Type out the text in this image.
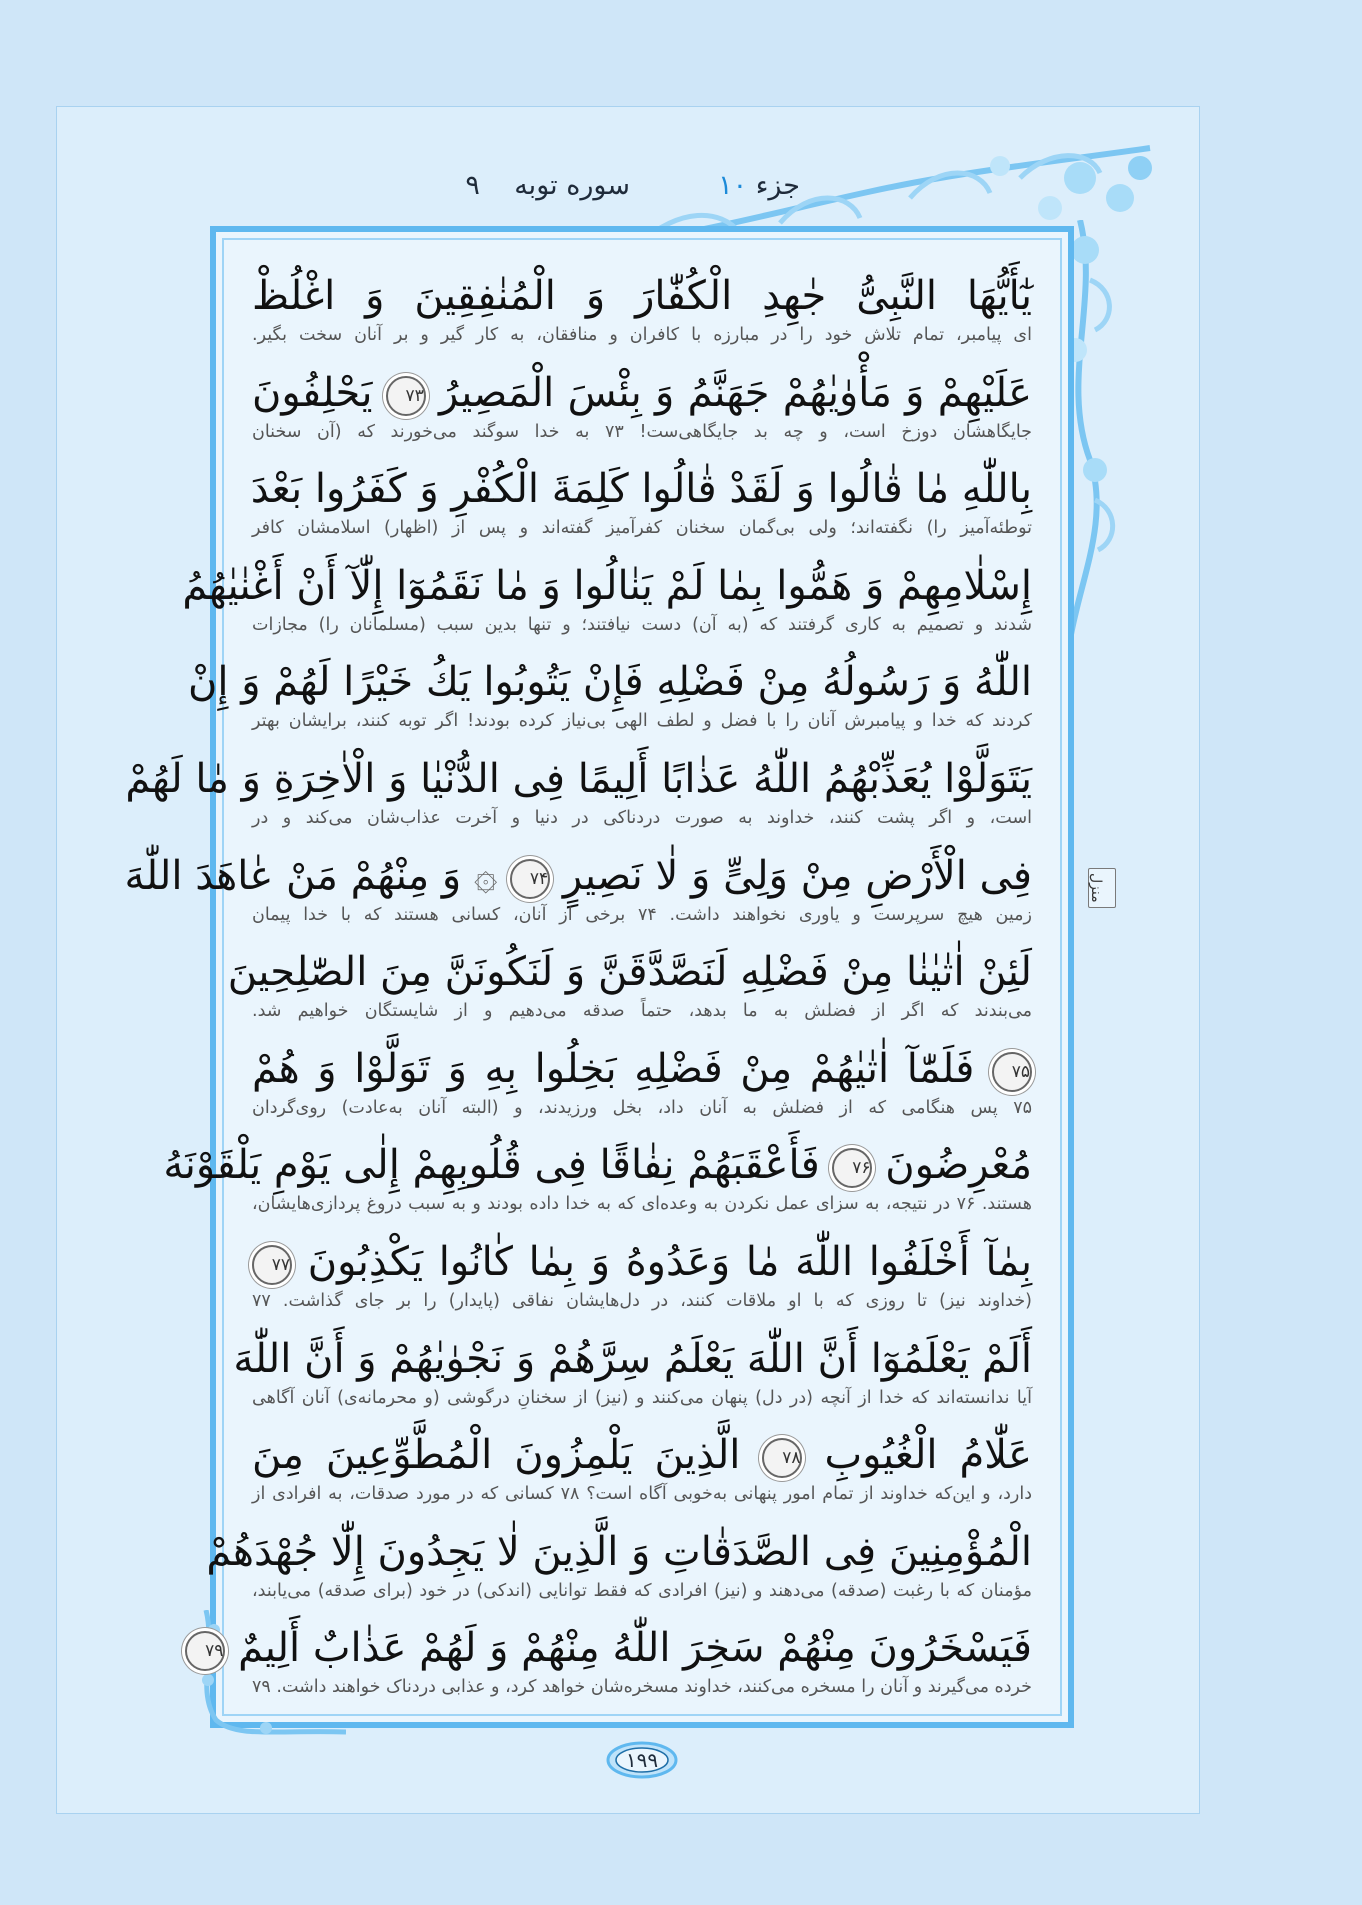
جزء ۱۰
سوره توبه    ۹
منزل
يٰٓأَيُّهَا النَّبِىُّ جٰهِدِ الْكُفّٰارَ وَ الْمُنٰفِقِينَ وَ اغْلُظْ
ای پیامبر، تمام تلاش خود را در مبارزه با کافران و منافقان، به کار گیر و بر آنان سخت بگیر.
عَلَيْهِمْ وَ مَأْوٰيٰهُمْ جَهَنَّمُ وَ بِئْسَ الْمَصِيرُ ۷۳ يَحْلِفُونَ
جایگاهشان دوزخ است، و چه بد جایگاهی‌ست! ۷۳ به خدا سوگند می‌خورند که (آن سخنان
بِاللّٰهِ مٰا قٰالُوا وَ لَقَدْ قٰالُوا كَلِمَةَ الْكُفْرِ وَ كَفَرُوا بَعْدَ
توطئه‌آمیز را) نگفته‌اند؛ ولی بی‌گمان سخنان کفرآمیز گفته‌اند و پس از (اظهار) اسلامشان کافر
إِسْلٰامِهِمْ وَ هَمُّوا بِمٰا لَمْ يَنٰالُوا وَ مٰا نَقَمُوٓا إِلّٰآ أَنْ أَغْنٰيٰهُمُ
شدند و تصمیم به کاری گرفتند که (به آن) دست نیافتند؛ و تنها بدین سبب (مسلمانان را) مجازات
اللّٰهُ وَ رَسُولُهُ مِنْ فَضْلِهِ فَإِنْ يَتُوبُوا يَكُ خَيْرًا لَهُمْ وَ إِنْ
کردند که خدا و پیامبرش آنان را با فضل و لطف الهی بی‌نیاز کرده بودند! اگر توبه کنند، برایشان بهتر
يَتَوَلَّوْا يُعَذِّبْهُمُ اللّٰهُ عَذٰابًا أَلِيمًا فِى الدُّنْيٰا وَ الْاٰخِرَةِ وَ مٰا لَهُمْ
است، و اگر پشت کنند، خداوند به صورت دردناکی در دنیا و آخرت عذاب‌شان می‌کند و در
فِى الْأَرْضِ مِنْ وَلِىٍّ وَ لٰا نَصِيرٍ ۷۴ ۞ وَ مِنْهُمْ مَنْ عٰاهَدَ اللّٰهَ
زمین هیچ سرپرست و یاوری نخواهند داشت. ۷۴ برخی از آنان، کسانی هستند که با خدا پیمان
لَئِنْ اٰتٰيٰنٰا مِنْ فَضْلِهِ لَنَصَّدَّقَنَّ وَ لَنَكُونَنَّ مِنَ الصّٰلِحِينَ
می‌بندند که اگر از فضلش به ما بدهد، حتماً صدقه می‌دهیم و از شایستگان خواهیم شد.
۷۵ فَلَمّٰآ اٰتٰيٰهُمْ مِنْ فَضْلِهِ بَخِلُوا بِهِ وَ تَوَلَّوْا وَ هُمْ
۷۵ پس هنگامی که از فضلش به آنان داد، بخل ورزیدند، و (البته آنان به‌عادت) روی‌گردان
مُعْرِضُونَ ۷۶ فَأَعْقَبَهُمْ نِفٰاقًا فِى قُلُوبِهِمْ إِلٰى يَوْمِ يَلْقَوْنَهُ
هستند. ۷۶ در نتیجه، به سزای عمل نکردن به وعده‌ای که به خدا داده بودند و به سبب دروغ پردازی‌هایشان،
بِمٰآ أَخْلَفُوا اللّٰهَ مٰا وَعَدُوهُ وَ بِمٰا كٰانُوا يَكْذِبُونَ ۷۷
(خداوند نیز) تا روزی که با او ملاقات کنند، در دل‌هایشان نفاقی (پایدار) را بر جای گذاشت. ۷۷
أَلَمْ يَعْلَمُوٓا أَنَّ اللّٰهَ يَعْلَمُ سِرَّهُمْ وَ نَجْوٰيٰهُمْ وَ أَنَّ اللّٰهَ
آیا ندانسته‌اند که خدا از آنچه (در دل) پنهان می‌کنند و (نیز) از سخنانِ درگوشی (و محرمانه‌ی) آنان آگاهی
عَلّٰامُ الْغُيُوبِ ۷۸ الَّذِينَ يَلْمِزُونَ الْمُطَّوِّعِينَ مِنَ
دارد، و این‌که خداوند از تمام امور پنهانی به‌خوبی آگاه است؟ ۷۸ کسانی که در مورد صدقات، به افرادی از
الْمُؤْمِنِينَ فِى الصَّدَقٰاتِ وَ الَّذِينَ لٰا يَجِدُونَ إِلّٰا جُهْدَهُمْ
مؤمنان که با رغبت (صدقه) می‌دهند و (نیز) افرادی که فقط توانایی (اندکی) در خود (برای صدقه) می‌یابند،
فَيَسْخَرُونَ مِنْهُمْ سَخِرَ اللّٰهُ مِنْهُمْ وَ لَهُمْ عَذٰابٌ أَلِيمٌ ۷۹
خرده می‌گیرند و آنان را مسخره می‌کنند، خداوند مسخره‌شان خواهد کرد، و عذابی دردناک خواهند داشت. ۷۹
۱۹۹
